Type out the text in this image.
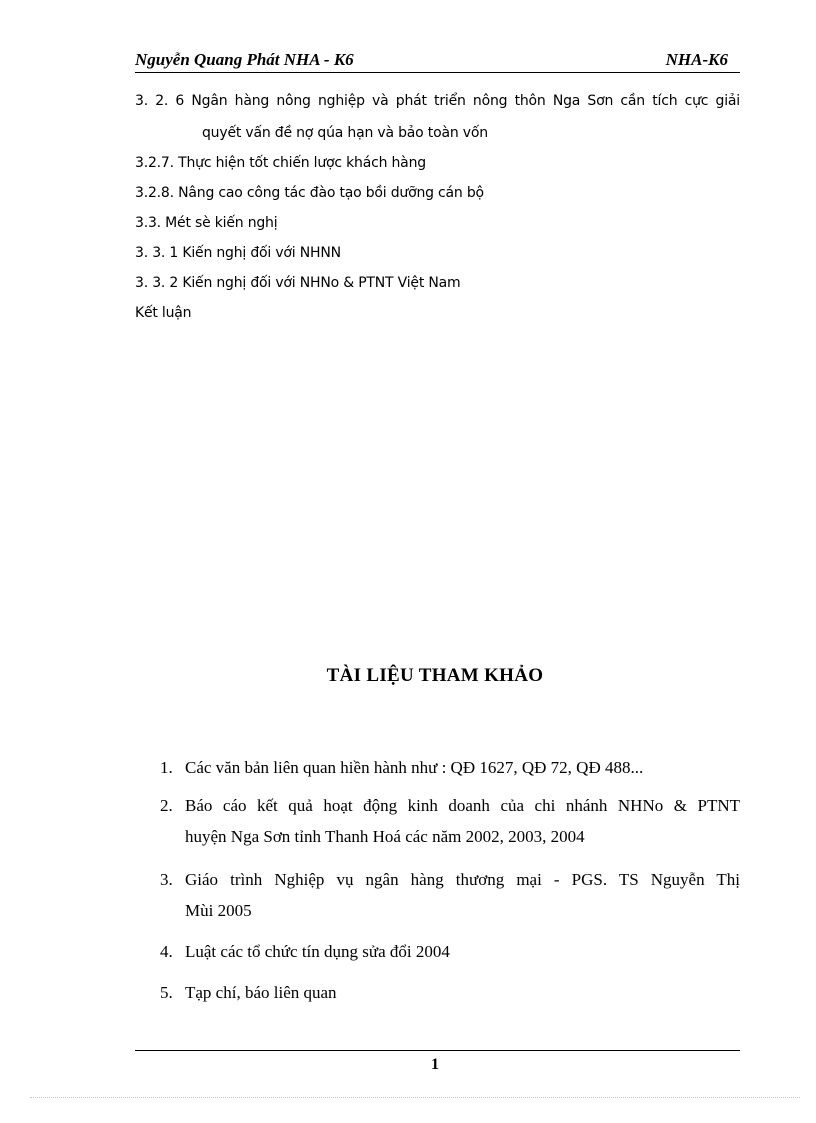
Nguyễn Quang Phát NHA - K6	NHA-K6
3. 2. 6 Ngân hàng nông nghiệp và phát triển nông thôn Nga Sơn cần tích cực giải
quyết vấn đề nợ qúa hạn và bảo toàn vốn
3.2.7. Thực hiện tốt chiến lược khách hàng
3.2.8. Nâng cao công tác đào tạo bồi dưỡng cán bộ
3.3. Mét sè kiến nghị
3. 3. 1 Kiến nghị đối với NHNN
3. 3. 2 Kiến nghị đối với NHNo & PTNT Việt Nam
Kết luận
TÀI LIỆU THAM KHẢO
1. Các văn bản liên quan hiền hành như : QĐ 1627, QĐ 72, QĐ 488...
2. Báo cáo kết quả hoạt động kinh doanh của chi nhánh NHNo & PTNT
huyện Nga Sơn tỉnh Thanh Hoá các năm 2002, 2003, 2004
3. Giáo trình Nghiệp vụ ngân hàng thương mại - PGS. TS Nguyễn Thị
Mùi 2005
4. Luật các tổ chức tín dụng sửa đổi 2004
5. Tạp chí, báo liên quan
1
